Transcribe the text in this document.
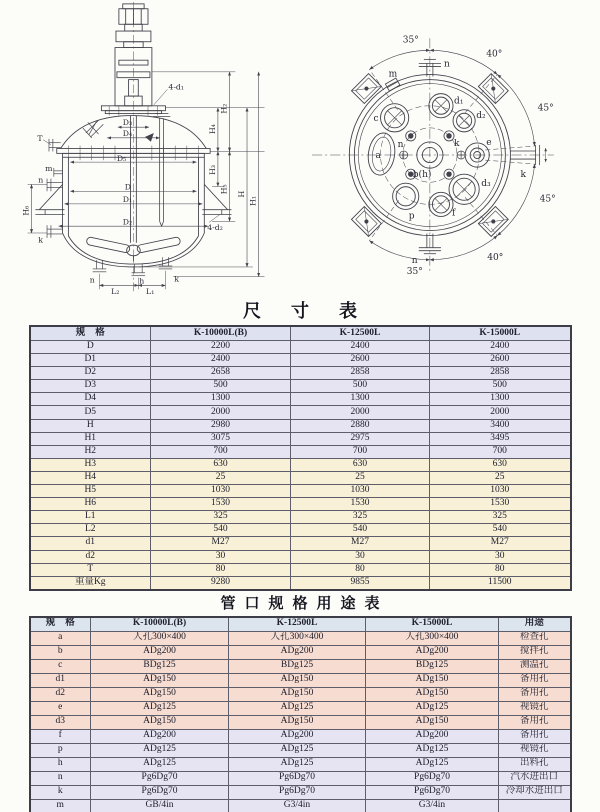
4-d₁
4-d₂
T
m
n
k
D₃
D₄
D₅
D
D₁
D₂
H₄
H₂
H₃
H₅ H
H₁
H₆
n	h	k
L₂	L₁
35°
40°
45°
45°
40°
35°
m
n
c
d₁
d₂
a
n	k	e
b(h)
d₃
f
p
n
k
尺寸表
规格	K-10000L(B)	K-12500L	K-15000L
D	2200	2400	2400
D1	2400	2600	2600
D2	2658	2858	2858
D3	500	500	500
D4	1300	1300	1300
D5	2000	2000	2000
H	2980	2880	3400
H1	3075	2975	3495
H2	700	700	700
H3	630	630	630
H4	25	25	25
H5	1030	1030	1030
H6	1530	1530	1530
L1	325	325	325
L2	540	540	540
d1	M27	M27	M27
d2	30	30	30
T	80	80	80
重量Kg	9280	9855	11500
管口规格用途表
规格	K-10000L(B)	K-12500L	K-15000L	用途
a	人孔300×400	人孔300×400	人孔300×400	检查孔
b	ADg200	ADg200	ADg200	搅拌孔
c	BDg125	BDg125	BDg125	测温孔
d1	ADg150	ADg150	ADg150	备用孔
d2	ADg150	ADg150	ADg150	备用孔
e	ADg125	ADg125	ADg125	视镜孔
d3	ADg150	ADg150	ADg150	备用孔
f	ADg200	ADg200	ADg200	备用孔
p	ADg125	ADg125	ADg125	视镜孔
h	ADg125	ADg125	ADg125	出料孔
n	Pg6Dg70	Pg6Dg70	Pg6Dg70	汽水进出口
k	Pg6Dg70	Pg6Dg70	Pg6Dg70	冷却水进出口
m	GB/4in	G3/4in	G3/4in	
